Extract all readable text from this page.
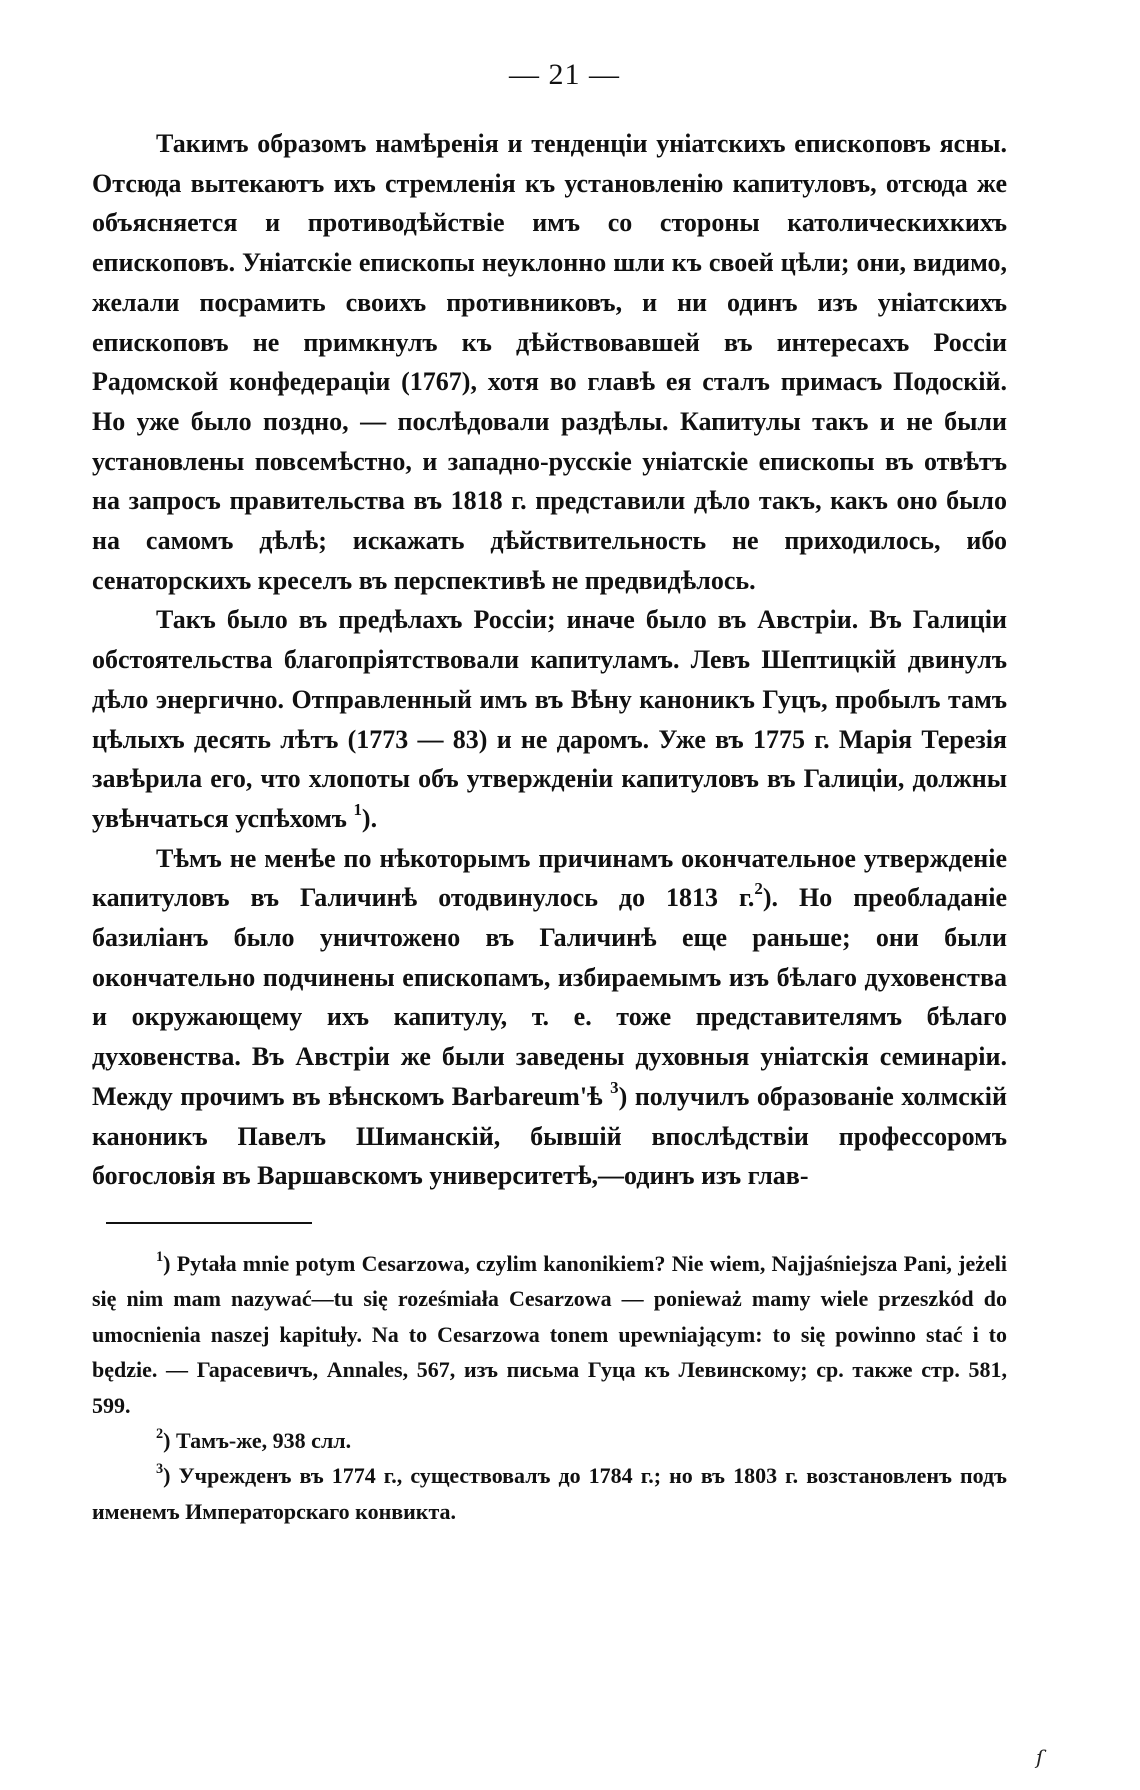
— 21 —

Такимъ образомъ намѣренія и тенденціи уніатскихъ епископовъ ясны. Отсюда вытекаютъ ихъ стремленія къ установленію капитуловъ, отсюда же объясняется и противодѣйствіе имъ со стороны католическихкихъ епископовъ. Уніатскіе епископы неуклонно шли къ своей цѣли; они, видимо, желали посрамить своихъ противниковъ, и ни одинъ изъ уніатскихъ епископовъ не примкнулъ къ дѣйствовавшей въ интересахъ Россіи Радомской конфедераціи (1767), хотя во главѣ ея сталъ примасъ Подоскій. Но уже было поздно, — послѣдовали раздѣлы. Капитулы такъ и не были установлены повсемѣстно, и западно-русскіе уніатскіе епископы въ отвѣтъ на запросъ правительства въ 1818 г. представили дѣло такъ, какъ оно было на самомъ дѣлѣ; искажать дѣйствительность не приходилось, ибо сенаторскихъ креселъ въ перспективѣ не предвидѣлось.

Такъ было въ предѣлахъ Россіи; иначе было въ Австріи. Въ Галиціи обстоятельства благопріятствовали капитуламъ. Левъ Шептицкій двинулъ дѣло энергично. Отправленный имъ въ Вѣну каноникъ Гуцъ, пробылъ тамъ цѣлыхъ десять лѣтъ (1773 — 83) и не даромъ. Уже въ 1775 г. Марія Терезія завѣрила его, что хлопоты объ утвержденіи капитуловъ въ Галиціи, должны увѣнчаться успѣхомъ $^1$).

Тѣмъ не менѣе по нѣкоторымъ причинамъ окончательное утвержденіе капитуловъ въ Галичинѣ отодвинулось до 1813 г.$^2$). Но преобладаніе базиліанъ было уничтожено въ Галичинѣ еще раньше; они были окончательно подчинены епископамъ, избираемымъ изъ бѣлаго духовенства и окружающему ихъ капитулу, т. е. тоже представителямъ бѣлаго духовенства. Въ Австріи же были заведены духовныя уніатскія семинаріи. Между прочимъ въ вѣнскомъ Barbareum'ѣ $^3$) получилъ образованіе холмскій каноникъ Павелъ Шиманскій, бывшій впослѣдствіи профессоромъ богословія въ Варшавскомъ университетѣ,—одинъ изъ глав-

$^1$) Pytała mnie potym Cesarzowa, czylim kanonikiem? Nie wiem, Najjaśniejsza Pani, jeżeli się nim mam nazywać—tu się roześmiała Cesarzowa — ponieważ mamy wiele przeszkód do umocnienia naszej kapituły. Na to Cesarzowa tonem upewniającym: to się powinno stać i to będzie. — Гарасевичъ, Annales, 567, изъ письма Гуца къ Левинскому; ср. также стр. 581, 599.

$^2$) Тамъ-же, 938 слл.

$^3$) Учрежденъ въ 1774 г., существовалъ до 1784 г.; но въ 1803 г. возстановленъ подъ именемъ Императорскаго конвикта.

ſ
